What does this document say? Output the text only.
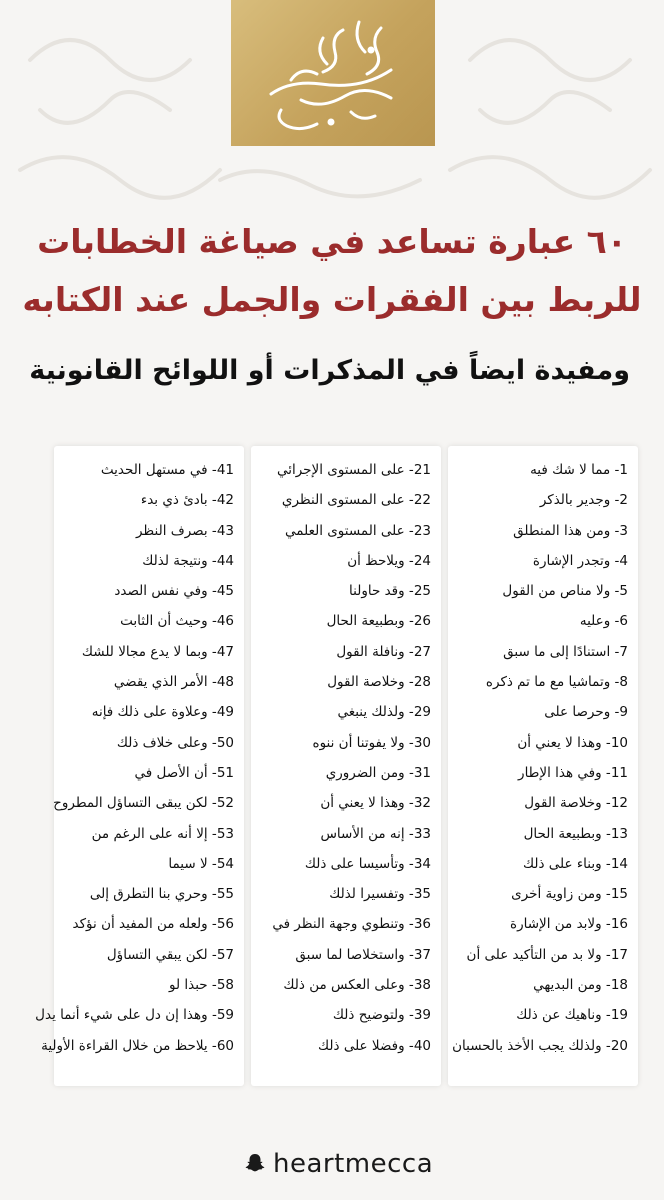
٦٠ عبارة تساعد في صياغة الخطابات
للربط بين الفقرات والجمل عند الكتابه
ومفيدة ايضاً في المذكرات أو اللوائح القانونية
1- مما لا شك فيه
2- وجدير بالذكر
3- ومن هذا المنطلق
4- وتجدر الإشارة
5- ولا مناص من القول
6- وعليه
7- استنادًا إلى ما سبق
8- وتماشيا مع ما تم ذكره
9- وحرصا على
10- وهذا لا يعني أن
11- وفي هذا الإطار
12- وخلاصة القول
13- وبطبيعة الحال
14- وبناء على ذلك
15- ومن زاوية أخرى
16- ولابد من الإشارة
17- ولا بد من التأكيد على أن
18- ومن البديهي
19- وناهيك عن ذلك
20- ولذلك يجب الأخذ بالحسبان
21- على المستوى الإجرائي
22- على المستوى النظري
23- على المستوى العلمي
24- ويلاحظ أن
25- وقد حاولنا
26- وبطبيعة الحال
27- ونافلة القول
28- وخلاصة القول
29- ولذلك ينبغي
30- ولا يفوتنا أن ننوه
31- ومن الضروري
32- وهذا لا يعني أن
33- إنه من الأساس
34- وتأسيسا على ذلك
35- وتفسيرا لذلك
36- وتنطوي وجهة النظر في
37- واستخلاصا لما سبق
38- وعلى العكس من ذلك
39- ولتوضيح ذلك
40- وفضلا على ذلك
41- في مستهل الحديث
42- بادئ ذي بدء
43- بصرف النظر
44- ونتيجة لذلك
45- وفي نفس الصدد
46- وحيث أن الثابت
47- وبما لا يدع مجالا للشك
48- الأمر الذي يقضي
49- وعلاوة على ذلك فإنه
50- وعلى خلاف ذلك
51- أن الأصل في
52- لكن يبقى التساؤل المطروح
53- إلا أنه على الرغم من
54- لا سيما
55- وحري بنا التطرق إلى
56- ولعله من المفيد أن نؤكد
57- لكن يبقي التساؤل
58- حبذا لو
59- وهذا إن دل على شيء أنما يدل
60- يلاحظ من خلال القراءة الأولية
heartmecca
